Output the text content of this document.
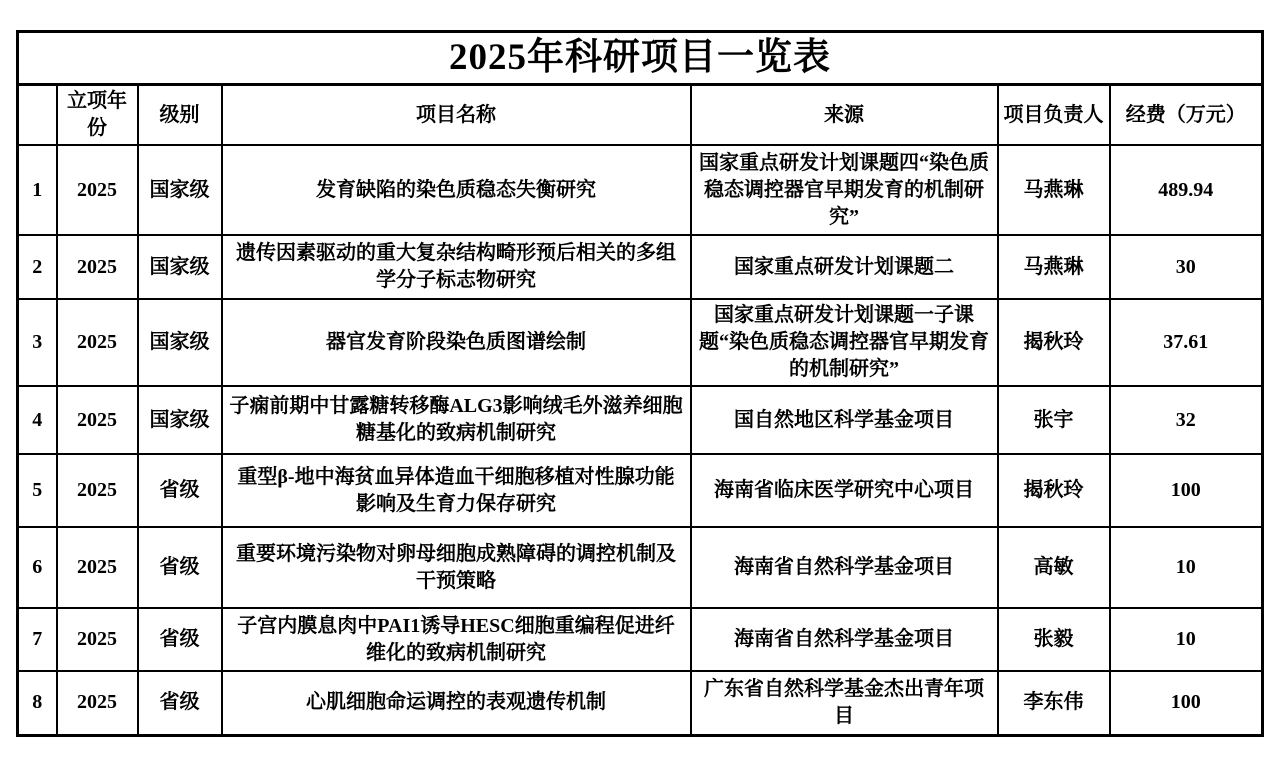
2025年科研项目一览表						
	立项年份	级别	项目名称	来源	项目负责人	经费（万元）
1	2025	国家级	发育缺陷的染色质稳态失衡研究	国家重点研发计划课题四“染色质稳态调控器官早期发育的机制研究”	马燕琳	489.94
2	2025	国家级	遗传因素驱动的重大复杂结构畸形预后相关的多组学分子标志物研究	国家重点研发计划课题二	马燕琳	30
3	2025	国家级	器官发育阶段染色质图谱绘制	国家重点研发计划课题一子课题“染色质稳态调控器官早期发育的机制研究”	揭秋玲	37.61
4	2025	国家级	子痫前期中甘露糖转移酶ALG3影响绒毛外滋养细胞糖基化的致病机制研究	国自然地区科学基金项目	张宇	32
5	2025	省级	重型β-地中海贫血异体造血干细胞移植对性腺功能影响及生育力保存研究	海南省临床医学研究中心项目	揭秋玲	100
6	2025	省级	重要环境污染物对卵母细胞成熟障碍的调控机制及干预策略	海南省自然科学基金项目	高敏	10
7	2025	省级	子宫内膜息肉中PAI1诱导HESC细胞重编程促进纤维化的致病机制研究	海南省自然科学基金项目	张毅	10
8	2025	省级	心肌细胞命运调控的表观遗传机制	广东省自然科学基金杰出青年项目	李东伟	100
